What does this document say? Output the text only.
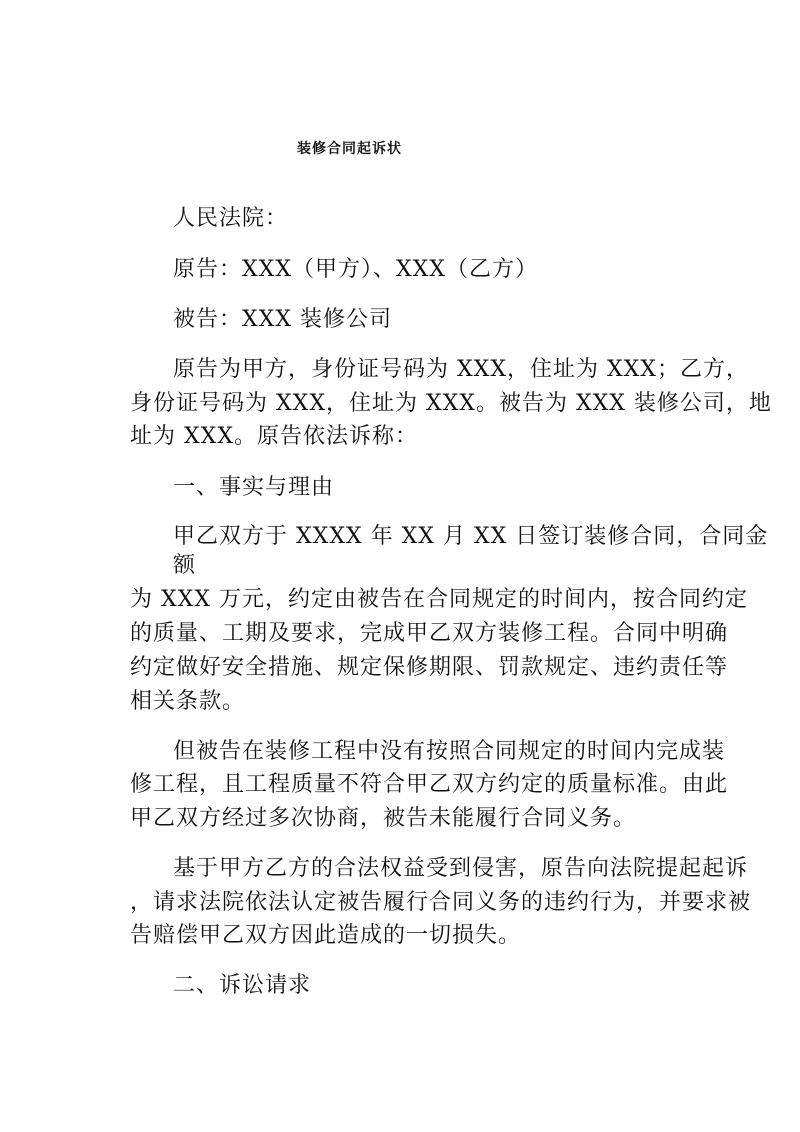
装修合同起诉状
人民法院：
原告：XXX（甲方）、XXX（乙方）
被告：XXX 装修公司
原告为甲方，身份证号码为 XXX，住址为 XXX；乙方，
身份证号码为 XXX，住址为 XXX。被告为 XXX 装修公司，地
址为 XXX。原告依法诉称：
一、事实与理由
甲乙双方于 XXXX 年 XX 月 XX 日签订装修合同，合同金
额
为 XXX 万元，约定由被告在合同规定的时间内，按合同约定
的质量、工期及要求，完成甲乙双方装修工程。合同中明确
约定做好安全措施、规定保修期限、罚款规定、违约责任等
相关条款。
但被告在装修工程中没有按照合同规定的时间内完成装
修工程，且工程质量不符合甲乙双方约定的质量标准。由此
甲乙双方经过多次协商，被告未能履行合同义务。
基于甲方乙方的合法权益受到侵害，原告向法院提起起诉
，请求法院依法认定被告履行合同义务的违约行为，并要求被
告赔偿甲乙双方因此造成的一切损失。
二、诉讼请求
